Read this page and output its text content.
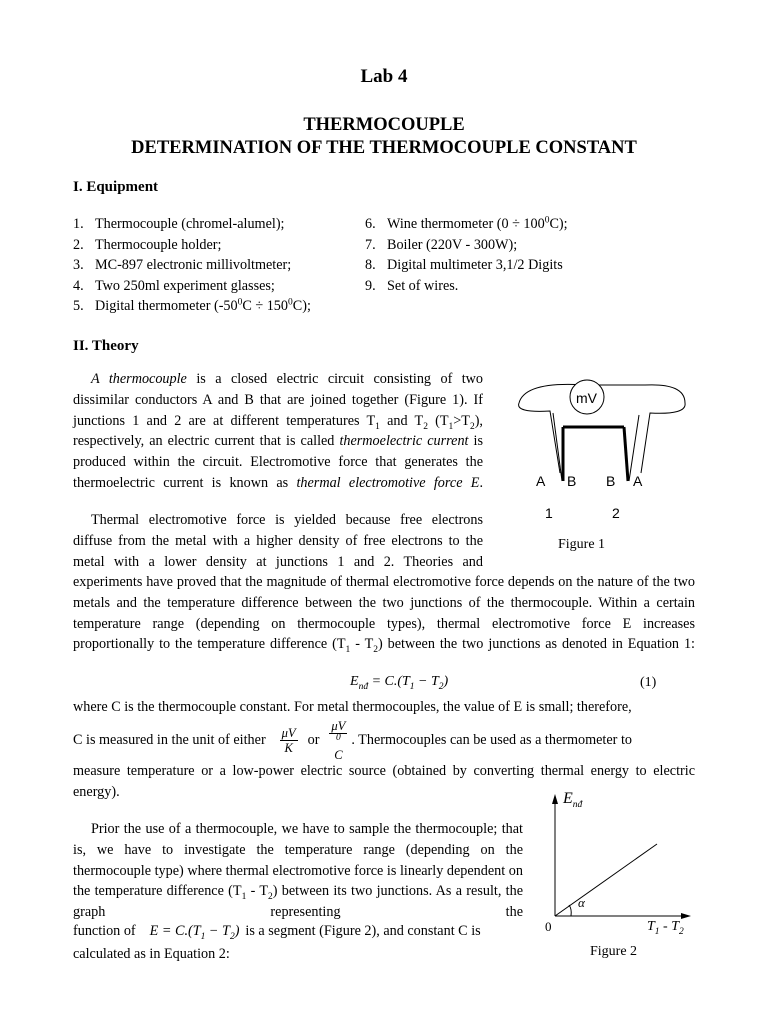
Lab 4
THERMOCOUPLE
DETERMINATION OF THE THERMOCOUPLE CONSTANT
I. Equipment
1. Thermocouple (chromel-alumel);
2. Thermocouple holder;
3. MC-897 electronic millivoltmeter;
4. Two 250ml experiment glasses;
5. Digital thermometer $(-50^0C \div 150^0C)$;
6. Wine thermometer $(0 \div 100^0C)$;
7. Boiler (220V - 300W);
8. Digital multimeter 3,1/2 Digits
9. Set of wires.
II. Theory

A thermocouple is a closed electric circuit consisting of two dissimilar conductors A and B that are joined together (Figure 1). If junctions 1 and 2 are at different temperatures $T_1$ and $T_2$ $(T_1>T_2)$, respectively, an electric current that is called thermoelectric current is produced within the circuit. Electromotive force that generates the thermoelectric current is known as thermal electromotive force E.

Thermal electromotive force is yielded because free electrons diffuse from the metal with a higher density of free electrons to the metal with a lower density at junctions 1 and 2. Theories and

experiments have proved that the magnitude of thermal electromotive force depends on the nature of the two metals and the temperature difference between the two junctions of the thermocouple. Within a certain temperature range (depending on thermocouple types), thermal electromotive force E increases proportionally to the temperature difference $(T_1 - T_2)$ between the two junctions as denoted in Equation 1:

$E_{nđ} = C.(T_1 - T_2)$	(1)

where C is the thermocouple constant. For metal thermocouples, the value of E is small; therefore,

C is measured in the unit of either $\frac{\mu V}{K}$ or μV
$^0$
C . Thermocouples can be used as a thermometer to

measure temperature or a low-power electric source (obtained by converting thermal energy to electric energy).

Prior the use of a thermocouple, we have to sample the thermocouple; that is, we have to investigate the temperature range (depending on the thermocouple type) where thermal electromotive force is linearly dependent on the temperature difference $(T_1 - T_2)$ between its two junctions. As a result, the graph representing the

function of $E = C.(T_1 - T_2)$ is a segment (Figure 2), and constant C is
calculated as in Equation 2:
mV
A B B A
1	2
Figure 1
$E_{nđ}$
α
0	$T_1 - T_2$
Figure 2
